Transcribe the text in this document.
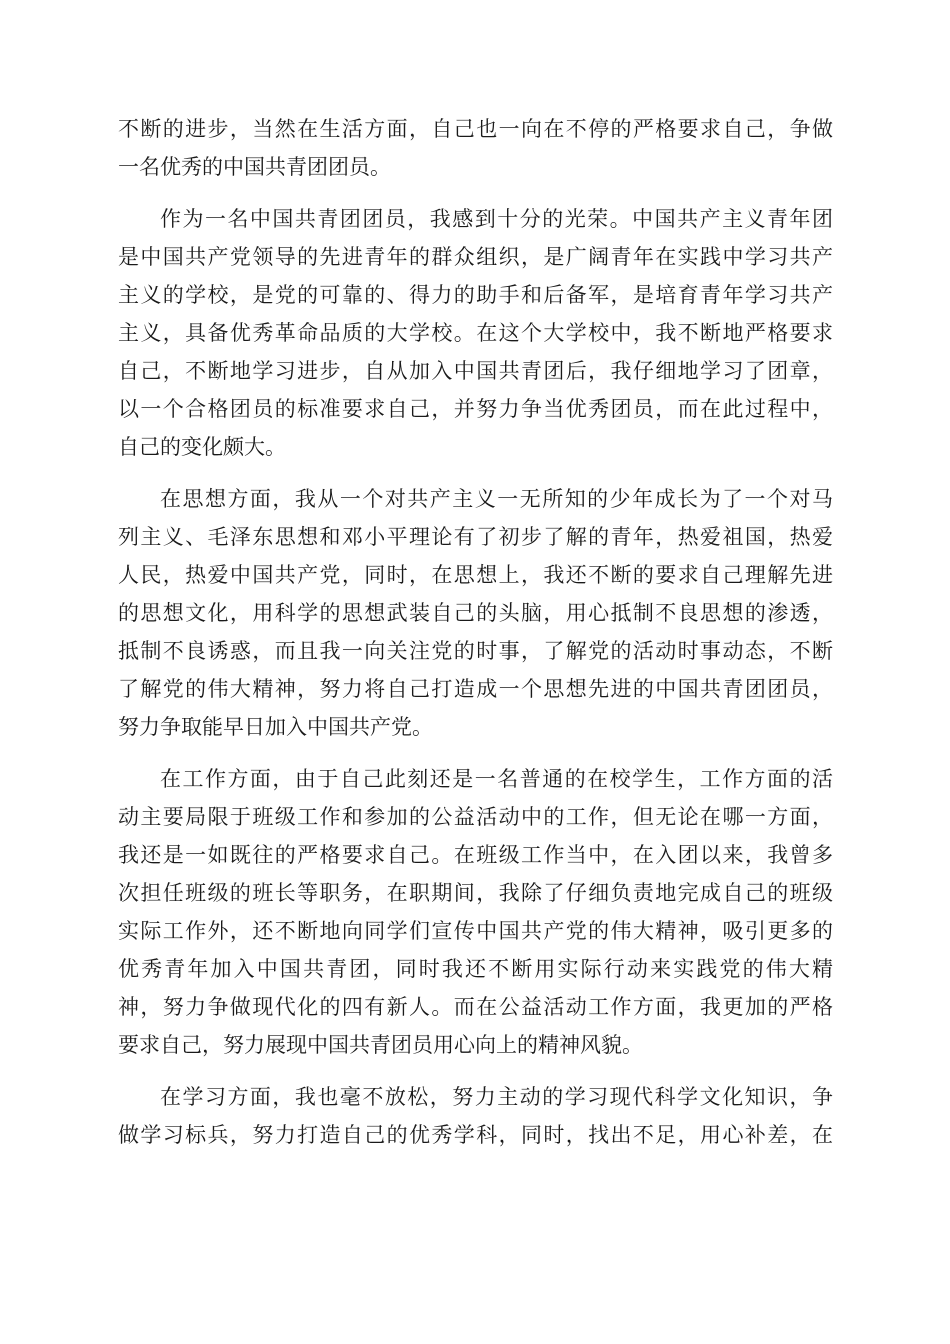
不断的进步，当然在生活方面，自己也一向在不停的严格要求自己，争做
一名优秀的中国共青团团员。
作为一名中国共青团团员，我感到十分的光荣。中国共产主义青年团
是中国共产党领导的先进青年的群众组织，是广阔青年在实践中学习共产
主义的学校，是党的可靠的、得力的助手和后备军，是培育青年学习共产
主义，具备优秀革命品质的大学校。在这个大学校中，我不断地严格要求
自己，不断地学习进步，自从加入中国共青团后，我仔细地学习了团章，
以一个合格团员的标准要求自己，并努力争当优秀团员，而在此过程中，
自己的变化颇大。
在思想方面，我从一个对共产主义一无所知的少年成长为了一个对马
列主义、毛泽东思想和邓小平理论有了初步了解的青年，热爱祖国，热爱
人民，热爱中国共产党，同时，在思想上，我还不断的要求自己理解先进
的思想文化，用科学的思想武装自己的头脑，用心抵制不良思想的渗透，
抵制不良诱惑，而且我一向关注党的时事，了解党的活动时事动态，不断
了解党的伟大精神，努力将自己打造成一个思想先进的中国共青团团员，
努力争取能早日加入中国共产党。
在工作方面，由于自己此刻还是一名普通的在校学生，工作方面的活
动主要局限于班级工作和参加的公益活动中的工作，但无论在哪一方面，
我还是一如既往的严格要求自己。在班级工作当中，在入团以来，我曾多
次担任班级的班长等职务，在职期间，我除了仔细负责地完成自己的班级
实际工作外，还不断地向同学们宣传中国共产党的伟大精神，吸引更多的
优秀青年加入中国共青团，同时我还不断用实际行动来实践党的伟大精
神，努力争做现代化的四有新人。而在公益活动工作方面，我更加的严格
要求自己，努力展现中国共青团员用心向上的精神风貌。
在学习方面，我也毫不放松，努力主动的学习现代科学文化知识，争
做学习标兵，努力打造自己的优秀学科，同时，找出不足，用心补差，在
